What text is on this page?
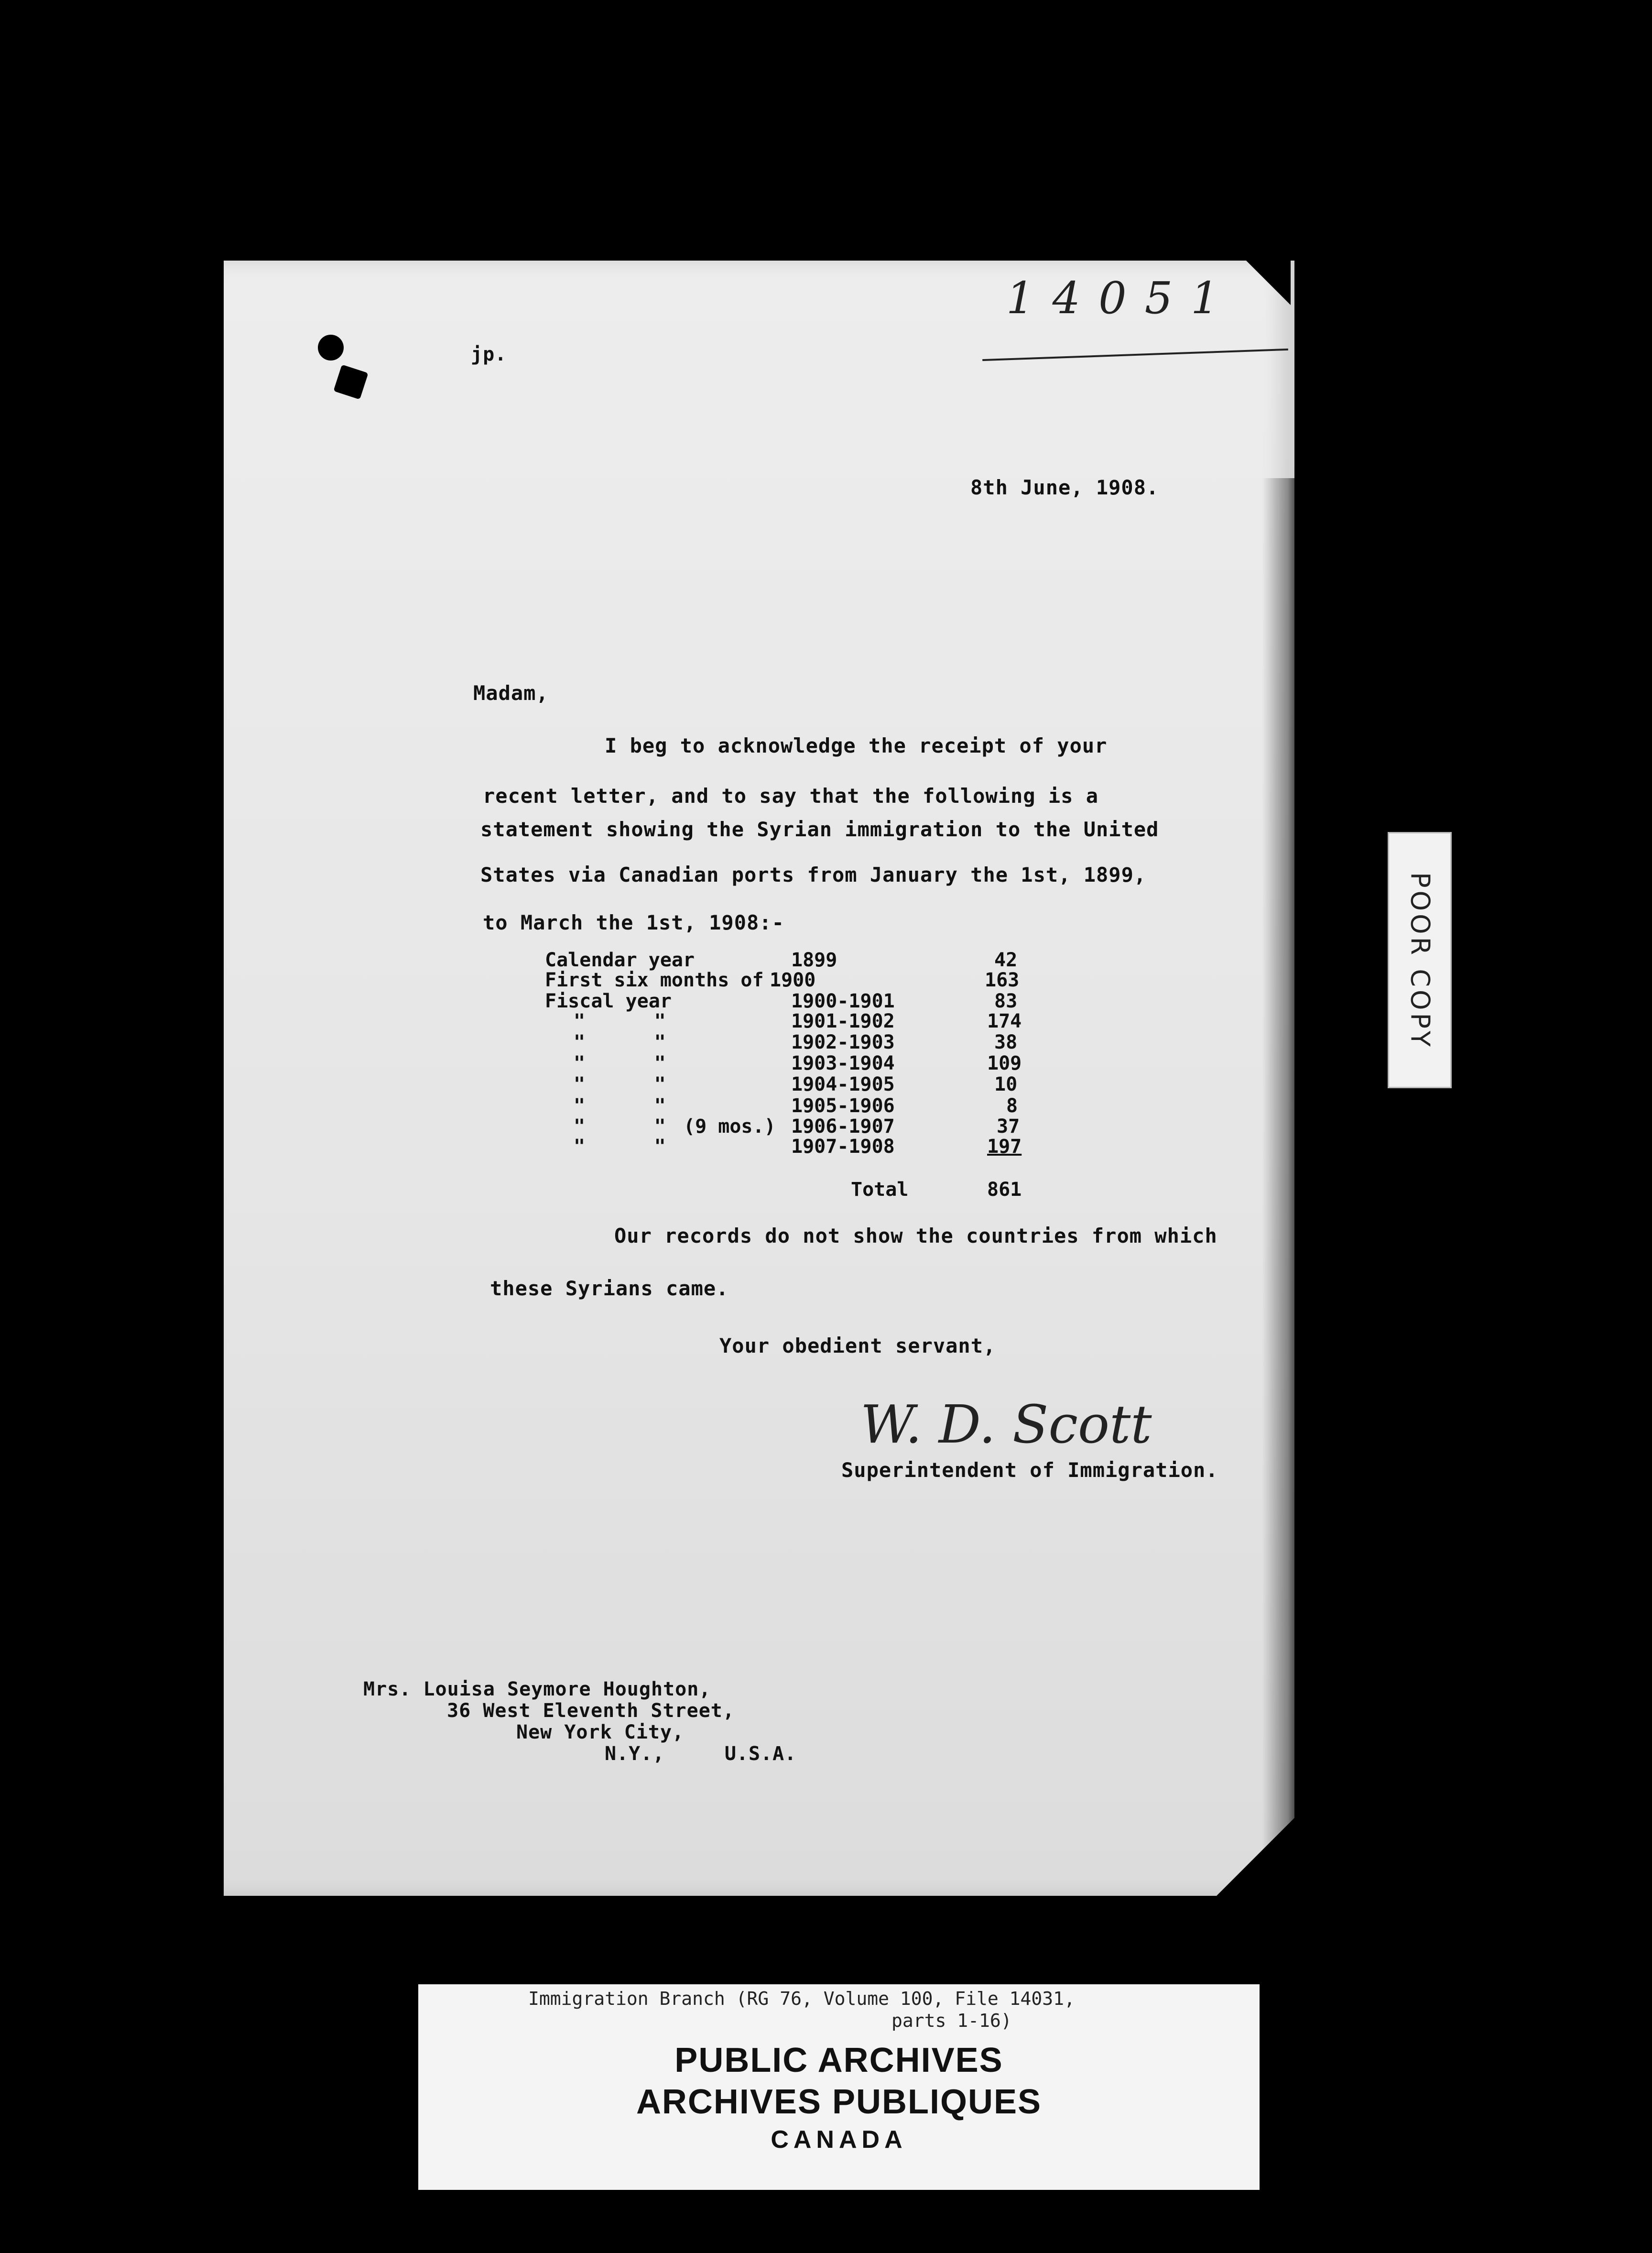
14051
jp.
8th June, 1908.
Madam,
I beg to acknowledge the receipt of your
recent letter, and to say that the following is a
statement showing the Syrian immigration to the United
States via Canadian ports from January the 1st, 1899,
to March the 1st, 1908:-
Calendar year	1899	42
First six months of 1900	163
Fiscal year	1900-1901	83
"      "	1901-1902	174
"      "	1902-1903	38
"      "	1903-1904	109
"      "	1904-1905	10
"      "	1905-1906	8
"      " (9 mos.) 1906-1907	37
"      "	1907-1908	197
Total	861
Our records do not show the countries from which
these Syrians came.
Your obedient servant,
W. D. Scott
Superintendent of Immigration.
Mrs. Louisa Seymore Houghton,
36 West Eleventh Street,
New York City,
N.Y.,     U.S.A.
POOR COPY
Immigration Branch (RG 76, Volume 100, File 14031,
parts 1-16)
PUBLIC ARCHIVES
ARCHIVES PUBLIQUES
CANADA
